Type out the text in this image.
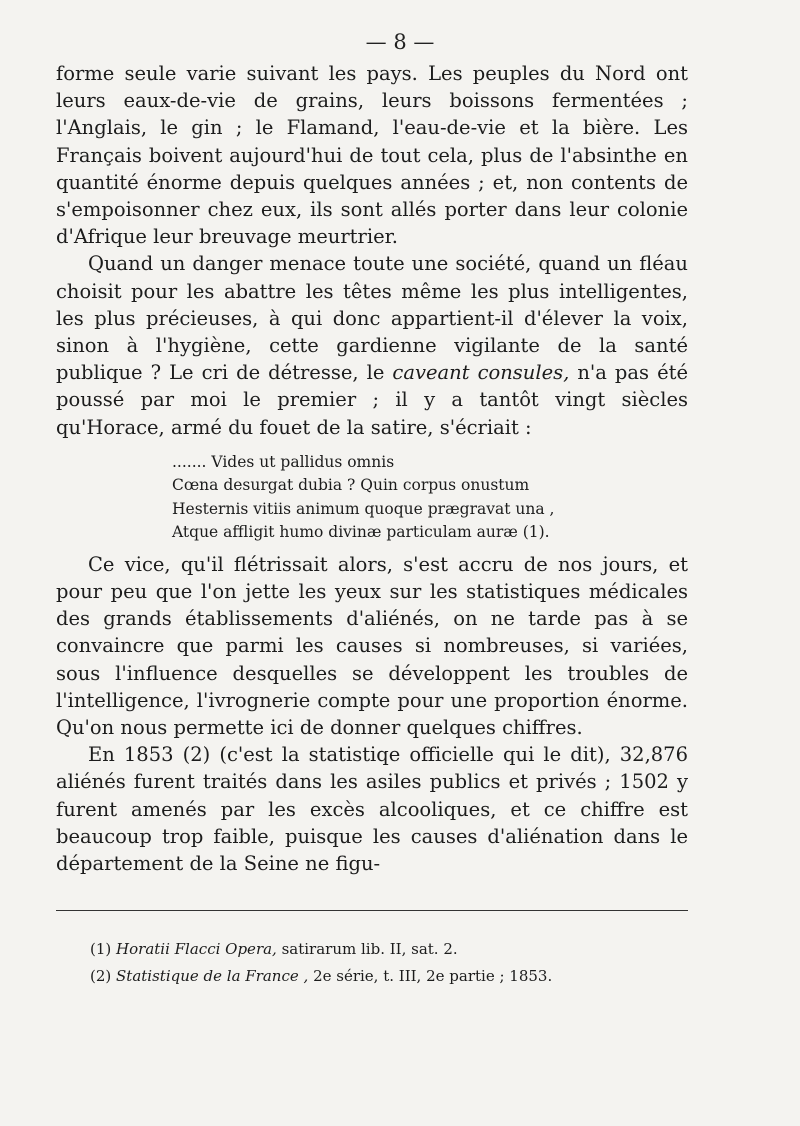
— 8 —

forme seule varie suivant les pays. Les peuples du Nord ont leurs eaux-de-vie de grains, leurs boissons fermentées ; l'Anglais, le gin ; le Flamand, l'eau-de-vie et la bière. Les Français boivent aujourd'hui de tout cela, plus de l'absinthe en quantité énorme depuis quelques années ; et, non contents de s'empoisonner chez eux, ils sont allés porter dans leur colonie d'Afrique leur breuvage meurtrier.

Quand un danger menace toute une société, quand un fléau choisit pour les abattre les têtes même les plus intelligentes, les plus précieuses, à qui donc appartient-il d'élever la voix, sinon à l'hygiène, cette gardienne vigilante de la santé publique ? Le cri de détresse, le caveant consules, n'a pas été poussé par moi le premier ; il y a tantôt vingt siècles qu'Horace, armé du fouet de la satire, s'écriait :

....... Vides ut pallidus omnis
Cœna desurgat dubia ? Quin corpus onustum
Hesternis vitiis animum quoque prægravat una ,
Atque affligit humo divinæ particulam auræ (1).

Ce vice, qu'il flétrissait alors, s'est accru de nos jours, et pour peu que l'on jette les yeux sur les statistiques médicales des grands établissements d'aliénés, on ne tarde pas à se convaincre que parmi les causes si nombreuses, si variées, sous l'influence desquelles se développent les troubles de l'intelligence, l'ivrognerie compte pour une proportion énorme. Qu'on nous permette ici de donner quelques chiffres.

En 1853 (2) (c'est la statistiqe officielle qui le dit), 32,876 aliénés furent traités dans les asiles publics et privés ; 1502 y furent amenés par les excès alcooliques, et ce chiffre est beaucoup trop faible, puisque les causes d'aliénation dans le département de la Seine ne figu-

(1) Horatii Flacci Opera, satirarum lib. II, sat. 2.
(2) Statistique de la France , 2e série, t. III, 2e partie ; 1853.
